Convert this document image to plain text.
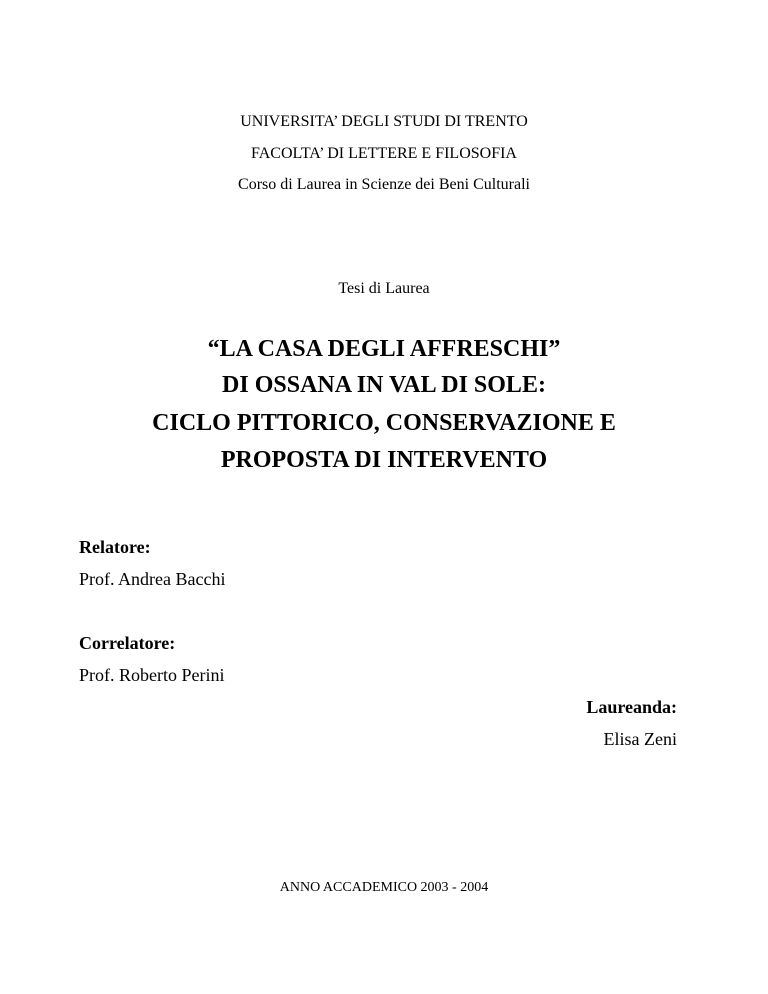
UNIVERSITA’ DEGLI STUDI DI TRENTO
FACOLTA’ DI LETTERE E FILOSOFIA
Corso di Laurea in Scienze dei Beni Culturali
Tesi di Laurea
“LA CASA DEGLI AFFRESCHI”
DI OSSANA IN VAL DI SOLE:
CICLO PITTORICO, CONSERVAZIONE E
PROPOSTA DI INTERVENTO
Relatore:
Prof. Andrea Bacchi
Correlatore:
Prof. Roberto Perini
Laureanda:
Elisa Zeni
ANNO ACCADEMICO 2003 - 2004
